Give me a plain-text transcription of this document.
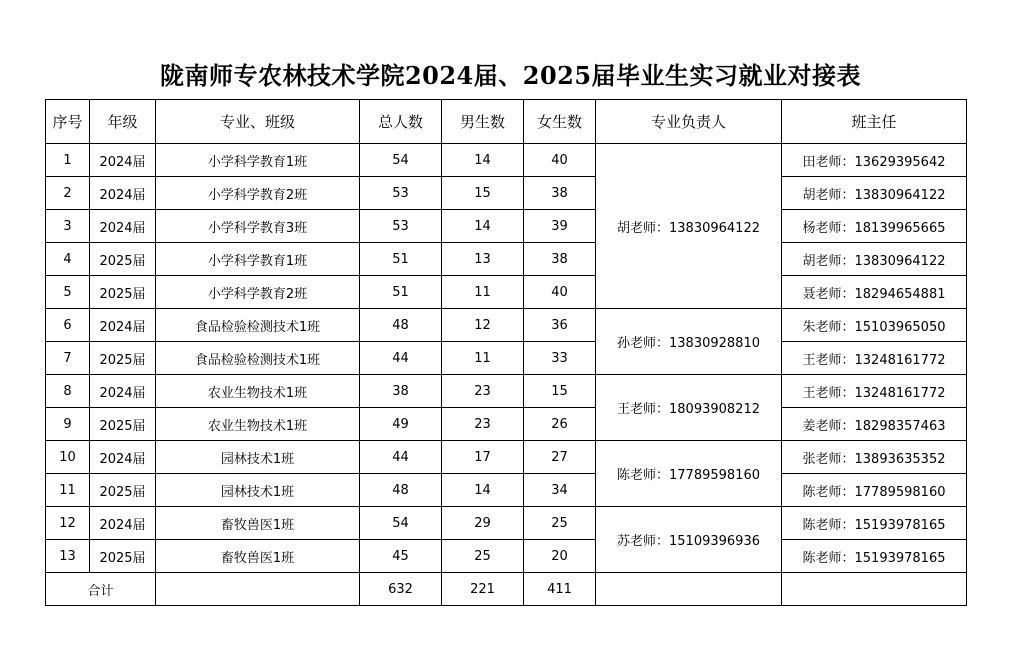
陇南师专农林技术学院2024届、2025届毕业生实习就业对接表
序号	年级	专业、班级	总人数	男生数	女生数	专业负责人	班主任
1	2024届	小学科学教育1班	54	14	40	胡老师：13830964122	田老师：13629395642
2	2024届	小学科学教育2班	53	15	38		胡老师：13830964122
3	2024届	小学科学教育3班	53	14	39		杨老师：18139965665
4	2025届	小学科学教育1班	51	13	38		胡老师：13830964122
5	2025届	小学科学教育2班	51	11	40		聂老师：18294654881
6	2024届	食品检验检测技术1班	48	12	36	孙老师：13830928810	朱老师：15103965050
7	2025届	食品检验检测技术1班	44	11	33		王老师：13248161772
8	2024届	农业生物技术1班	38	23	15	王老师：18093908212	王老师：13248161772
9	2025届	农业生物技术1班	49	23	26		姜老师：18298357463
10	2024届	园林技术1班	44	17	27	陈老师：17789598160	张老师：13893635352
11	2025届	园林技术1班	48	14	34		陈老师：17789598160
12	2024届	畜牧兽医1班	54	29	25	苏老师：15109396936	陈老师：15193978165
13	2025届	畜牧兽医1班	45	25	20		陈老师：15193978165
合计			632	221	411		
